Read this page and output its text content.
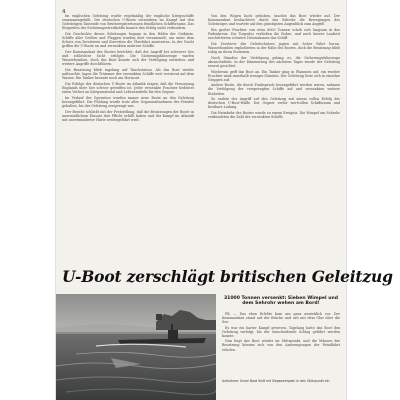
4

Im englischen Geleitzug wurde regelmäßig der englische Kriegsschiffe zusammengefaßt. Die deutschen U-Boote versenkten im Kampf mit den Geleitzügen Tausende von Bruttoregistertonnen feindlichen Schiffsraums. Das Eingreifen der Sicherungsstreitkräfte konnte den Erfolg nicht verhindern.

Die Geschichte dieses Geleitzuges begann in den Häfen der Ostküste. Schiffe aller Größen und Flaggen wurden dort versammelt, um unter dem Schutz von Zerstörern und Korvetten die Überfahrt anzutreten. In der Nacht griffen die U-Boote an und versenkten mehrere Schiffe.

Der Kommandant des Bootes berichtet, daß der Angriff bei schwerer See und schlechter Sicht erfolgte. Die Sicherungsfahrzeuge warfen Wasserbomben, doch das Boot konnte sich der Verfolgung entziehen und weitere Angriffe durchführen.

Die Besatzung blieb tagelang auf Tauchstation. Als das Boot wieder auftauchte, lagen die Trümmer der versenkten Schiffe weit verstreut auf dem Wasser. Ein Tanker brannte noch am Horizont.

Die Erfolge der deutschen U-Boote im Atlantik zeigen, daß die Versorgung Englands über See schwer getroffen ist. Jeder versenkte Frachter bedeutet einen Verlust an Kriegsmaterial und Lebensmitteln für den Gegner.

Im Verlauf der Operation wurden immer neue Boote an den Geleitzug herangeführt. Die Fühlung wurde trotz aller Gegenmaßnahmen des Feindes gehalten, bis der Geleitzug zersprengt war.

Der Bericht schließt mit der Feststellung, daß die Besatzungen der Boote in unermüdlichem Einsatz ihre Pflicht erfüllt haben und der Kampf im Atlantik mit unverminderter Härte weitergeführt wird.

Von den Wogen hoch gehoben, tauchte das Boot wieder auf. Der Kommandant beobachtete durch das Sehrohr die Bewegungen des Geleitzuges und wartete auf den günstigsten Augenblick zum Angriff.

Ein großer Frachter von etwa 8000 Tonnen schob sich langsam in das Fadenkreuz. Die Torpedos verließen die Rohre, und nach kurzer Laufzeit erschütterten schwere Detonationen das Schiff.

Die Zerstörer des Geleitschutzes jagten mit hoher Fahrt heran. Wasserbomben explodierten in der Nähe des Bootes, doch die Besatzung blieb ruhig an ihren Stationen.

Nach Stunden der Verfolgung gelang es, die Sicherungsfahrzeuge abzuschütteln. In der Dämmerung des nächsten Tages wurde der Geleitzug erneut gesichtet.

Wiederum griff das Boot an. Ein Tanker ging in Flammen auf, ein zweiter Frachter sank innerhalb weniger Minuten. Der Geleitzug löste sich in einzelne Gruppen auf.

Andere Boote, die durch Funkspruch herangeführt worden waren, nahmen die Verfolgung der versprengten Schiffe auf und versenkten weitere Einheiten.

So endete der Angriff auf den Geleitzug mit einem vollen Erfolg der deutschen U-Boot-Waffe. Der Gegner verlor wertvollen Schiffsraum und kostbare Ladung.

Die Heimkehr des Bootes wurde zu einem Ereignis. Die Wimpel am Sehrohr verkündeten die Zahl der versenkten Schiffe.

U-Boot zerschlägt britischen Geleitzug
31000 Tonnen versenkt: Sieben Wimpel und dem Sehrohr wehen am Bord!

PK. — Das eben Erlebte kam uns ganz unwirklich vor. Der Kommandant stand auf der Brücke und sah mit dem Glas über die See.

Es war ein harter Kampf gewesen. Tagelang hatte das Boot den Geleitzug verfolgt, bis der entscheidende Schlag geführt werden konnte.

Nun liegt das Boot wieder im Stützpunkt, und die Männer der Besatzung können sich von den Anstrengungen der Feindfahrt erholen.

Aufnahme: Unser Boot läuft mit Siegeswimpeln in den Stützpunkt ein
